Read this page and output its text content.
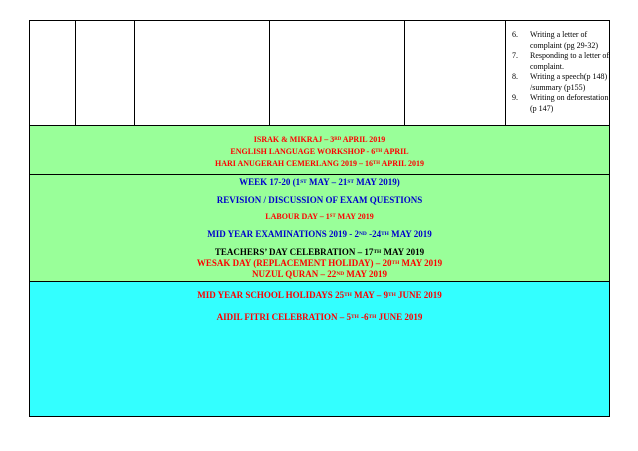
6. Writing a letter of complaint (pg 29-32)
7. Responding to a letter of complaint.
8. Writing a speech(p 148) /summary (p155)
9. Writing on deforestation (p 147)
ISRAK & MIKRAJ – 3RD APRIL 2019
ENGLISH LANGUAGE WORKSHOP - 6TH APRIL
HARI ANUGERAH CEMERLANG 2019 – 16TH APRIL 2019
WEEK 17-20 (1ST MAY – 21ST MAY 2019)
REVISION / DISCUSSION OF EXAM QUESTIONS
LABOUR DAY – 1ST MAY 2019
MID YEAR EXAMINATIONS 2019 - 2ND -24TH MAY 2019
TEACHERS’ DAY CELEBRATION – 17TH MAY 2019
WESAK DAY (REPLACEMENT HOLIDAY) – 20TH MAY 2019
NUZUL QURAN – 22ND MAY 2019
MID YEAR SCHOOL HOLIDAYS 25TH MAY – 9TH JUNE 2019
AIDIL FITRI CELEBRATION – 5TH -6TH JUNE 2019
